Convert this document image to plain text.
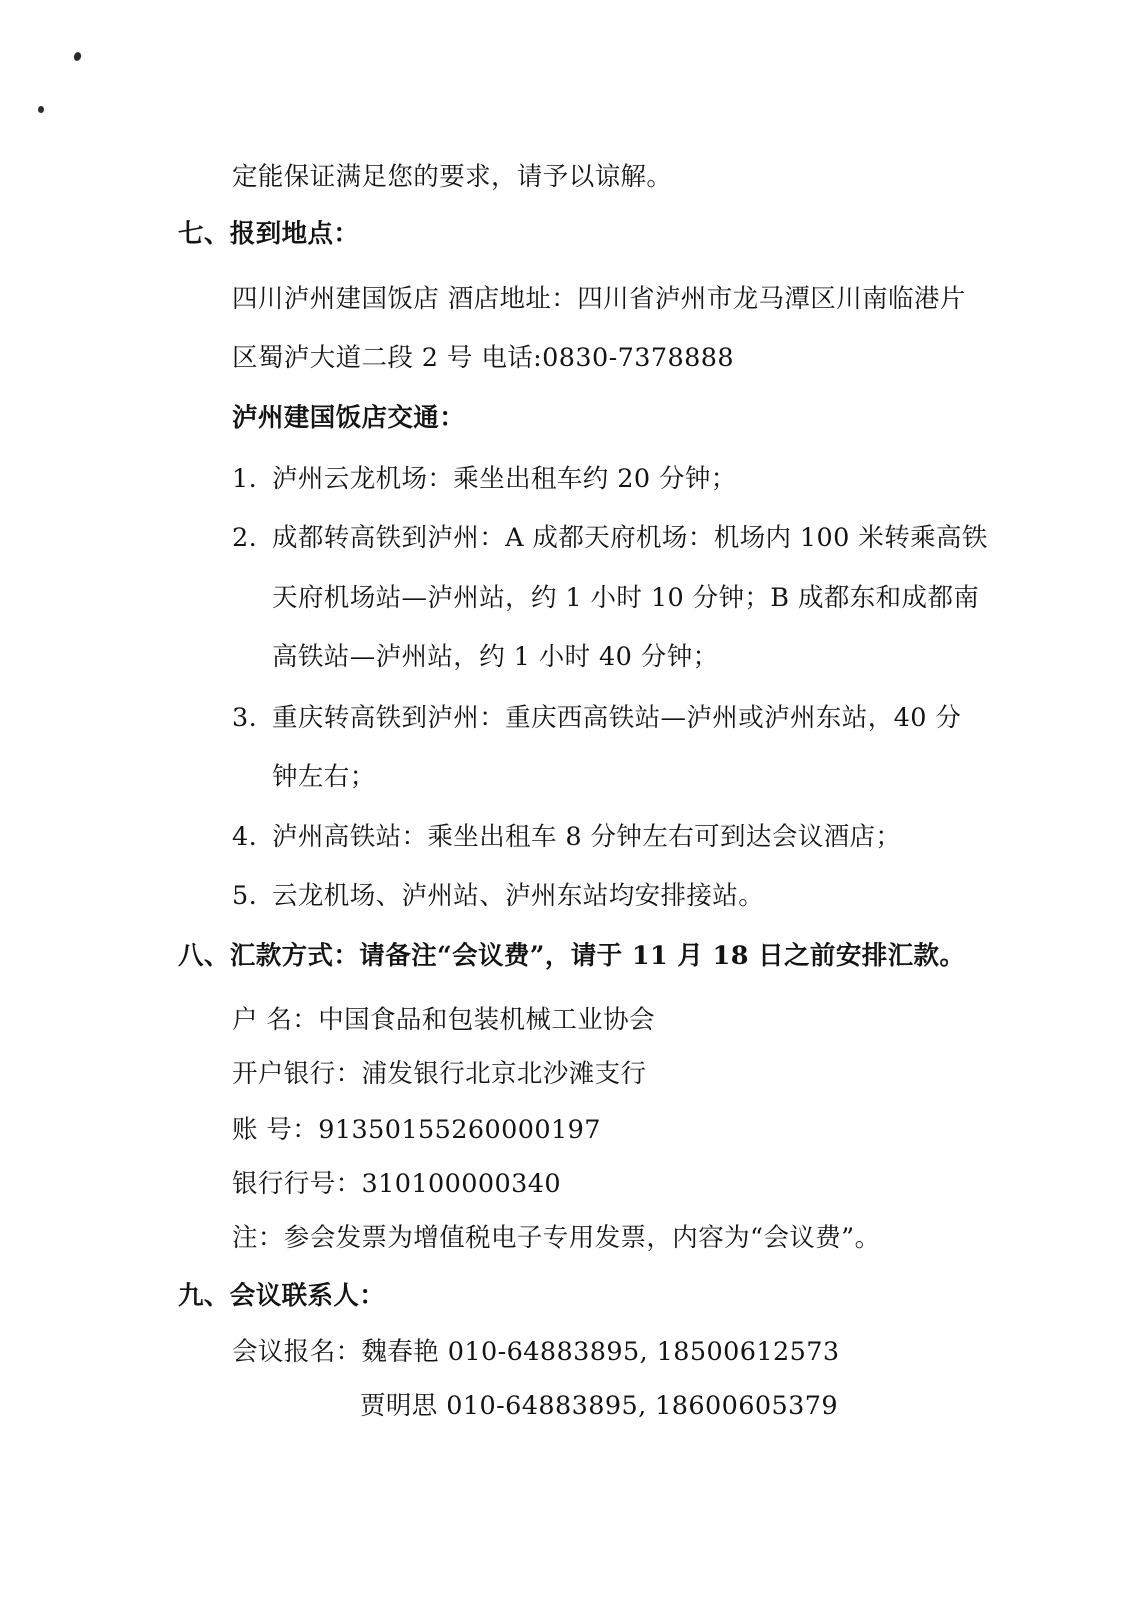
定能保证满足您的要求，请予以谅解。
七、报到地点：
四川泸州建国饭店 酒店地址：四川省泸州市龙马潭区川南临港片
区蜀泸大道二段 2 号 电话:0830-7378888
泸州建国饭店交通：
1. 泸州云龙机场：乘坐出租车约 20 分钟；
2. 成都转高铁到泸州：A 成都天府机场：机场内 100 米转乘高铁
天府机场站—泸州站，约 1 小时 10 分钟；B 成都东和成都南
高铁站—泸州站，约 1 小时 40 分钟；
3. 重庆转高铁到泸州：重庆西高铁站—泸州或泸州东站，40 分
钟左右；
4. 泸州高铁站：乘坐出租车 8 分钟左右可到达会议酒店；
5. 云龙机场、泸州站、泸州东站均安排接站。
八、汇款方式：请备注“会议费”，请于 11 月 18 日之前安排汇款。
户 名：中国食品和包装机械工业协会
开户银行：浦发银行北京北沙滩支行
账 号：91350155260000197
银行行号：310100000340
注：参会发票为增值税电子专用发票，内容为“会议费”。
九、会议联系人：
会议报名：魏春艳 010-64883895, 18500612573
贾明思 010-64883895, 18600605379
